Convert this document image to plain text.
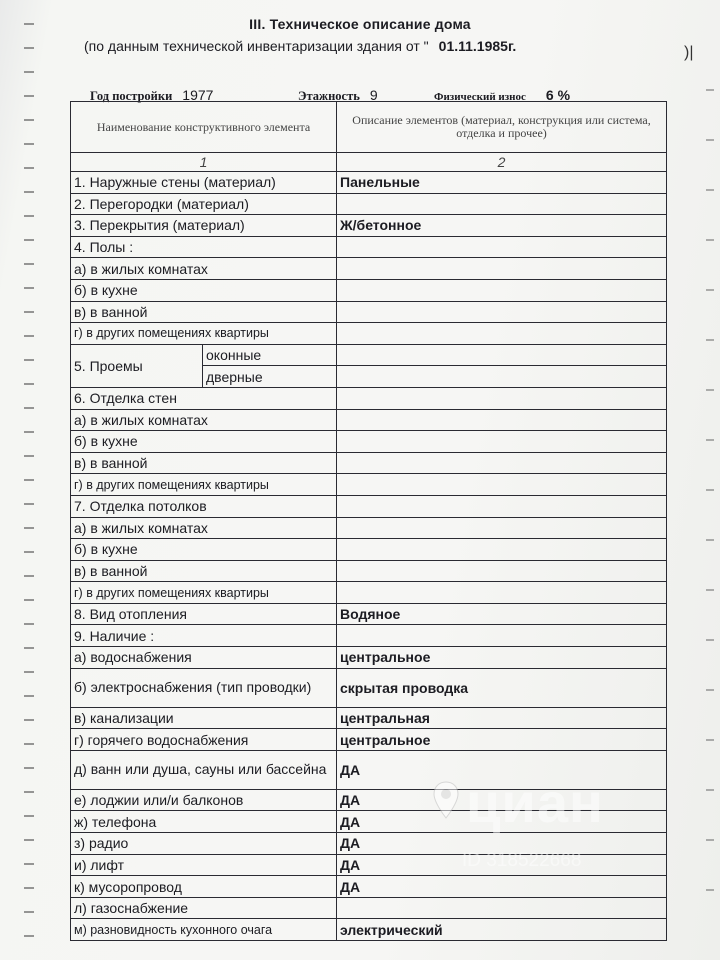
)|
III. Техническое описание дома
(по данным технической инвентаризации здания от " 01.11.1985г.
Год постройки 1977	Этажность 9	Физический износ 6 %
Наименование конструктивного элемента		Описание элементов (материал, конструкция или система, отделка и прочее)
1		2
1. Наружные стены (материал)		Панельные
2. Перегородки (материал)		
3. Перекрытия (материал)		Ж/бетонное
4. Полы :		
а) в жилых комнатах		
б) в кухне		
в) в ванной		
г) в других помещениях квартиры		
5. Проемы	оконные	
	дверные	
6. Отделка стен		
а) в жилых комнатах		
б) в кухне		
в) в ванной		
г) в других помещениях квартиры		
7. Отделка потолков		
а) в жилых комнатах		
б) в кухне		
в) в ванной		
г) в других помещениях квартиры		
8. Вид отопления		Водяное
9. Наличие :		
а) водоснабжения		центральное
б) электроснабжения (тип проводки)		скрытая проводка
в) канализации		центральная
г) горячего водоснабжения		центральное
д) ванн или душа, сауны или бассейна		ДА
е) лоджии или/и балконов		ДА
ж) телефона		ДА
з) радио		ДА
и) лифт		ДА
к) мусоропровод		ДА
л) газоснабжение		
м) разновидность кухонного очага		электрический
циан
ID 318522668
